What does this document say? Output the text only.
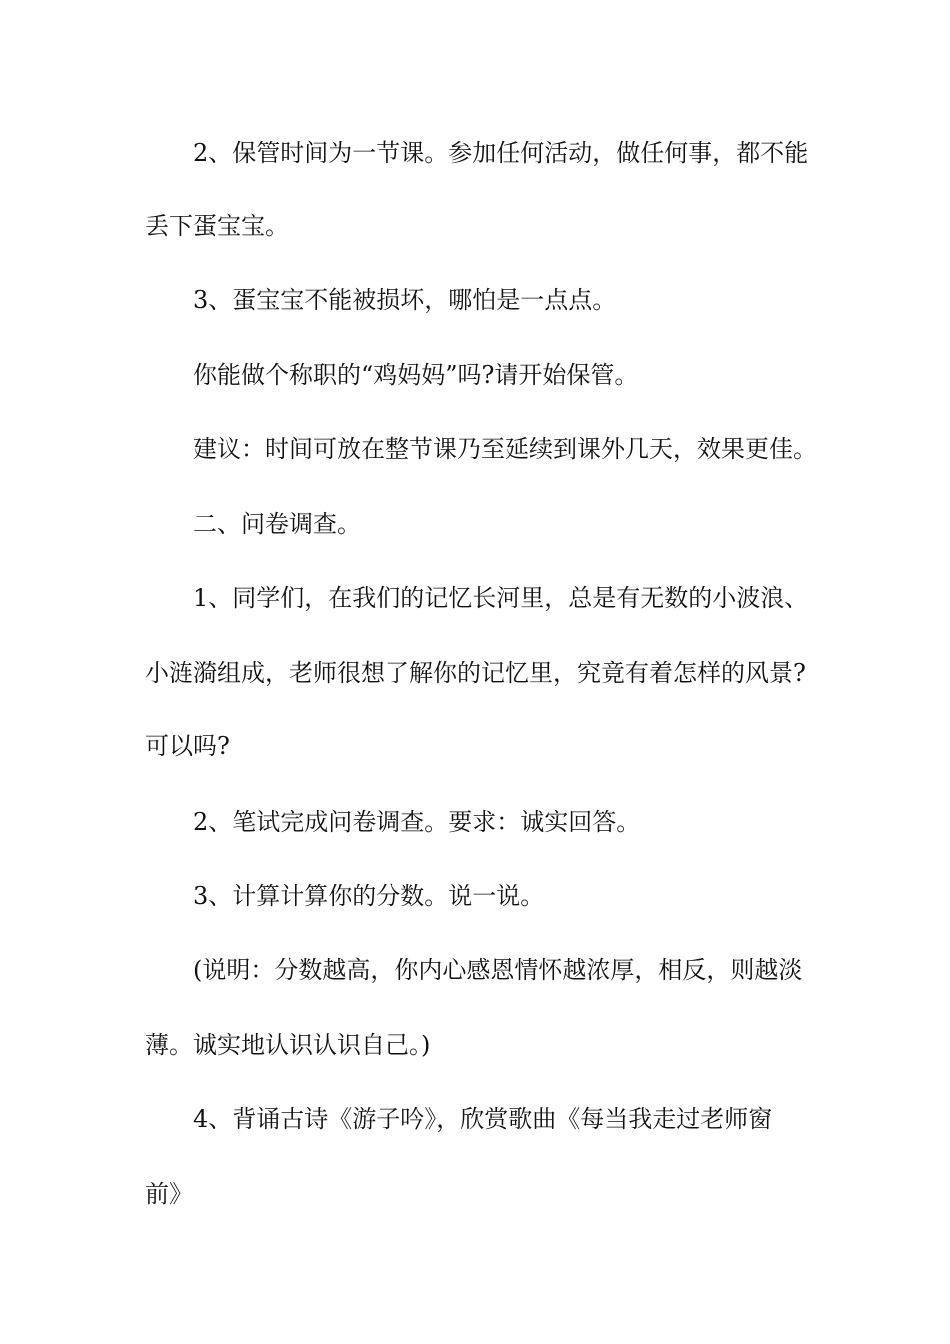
2、保管时间为一节课。参加任何活动，做任何事，都不能
丢下蛋宝宝。
3、蛋宝宝不能被损坏，哪怕是一点点。
你能做个称职的“鸡妈妈”吗?请开始保管。
建议：时间可放在整节课乃至延续到课外几天，效果更佳。
二、问卷调查。
1、同学们，在我们的记忆长河里，总是有无数的小波浪、
小涟漪组成，老师很想了解你的记忆里，究竟有着怎样的风景?
可以吗?
2、笔试完成问卷调查。要求：诚实回答。
3、计算计算你的分数。说一说。
(说明：分数越高，你内心感恩情怀越浓厚，相反，则越淡
薄。诚实地认识认识自己。)
4、背诵古诗《游子吟》，欣赏歌曲《每当我走过老师窗
前》
